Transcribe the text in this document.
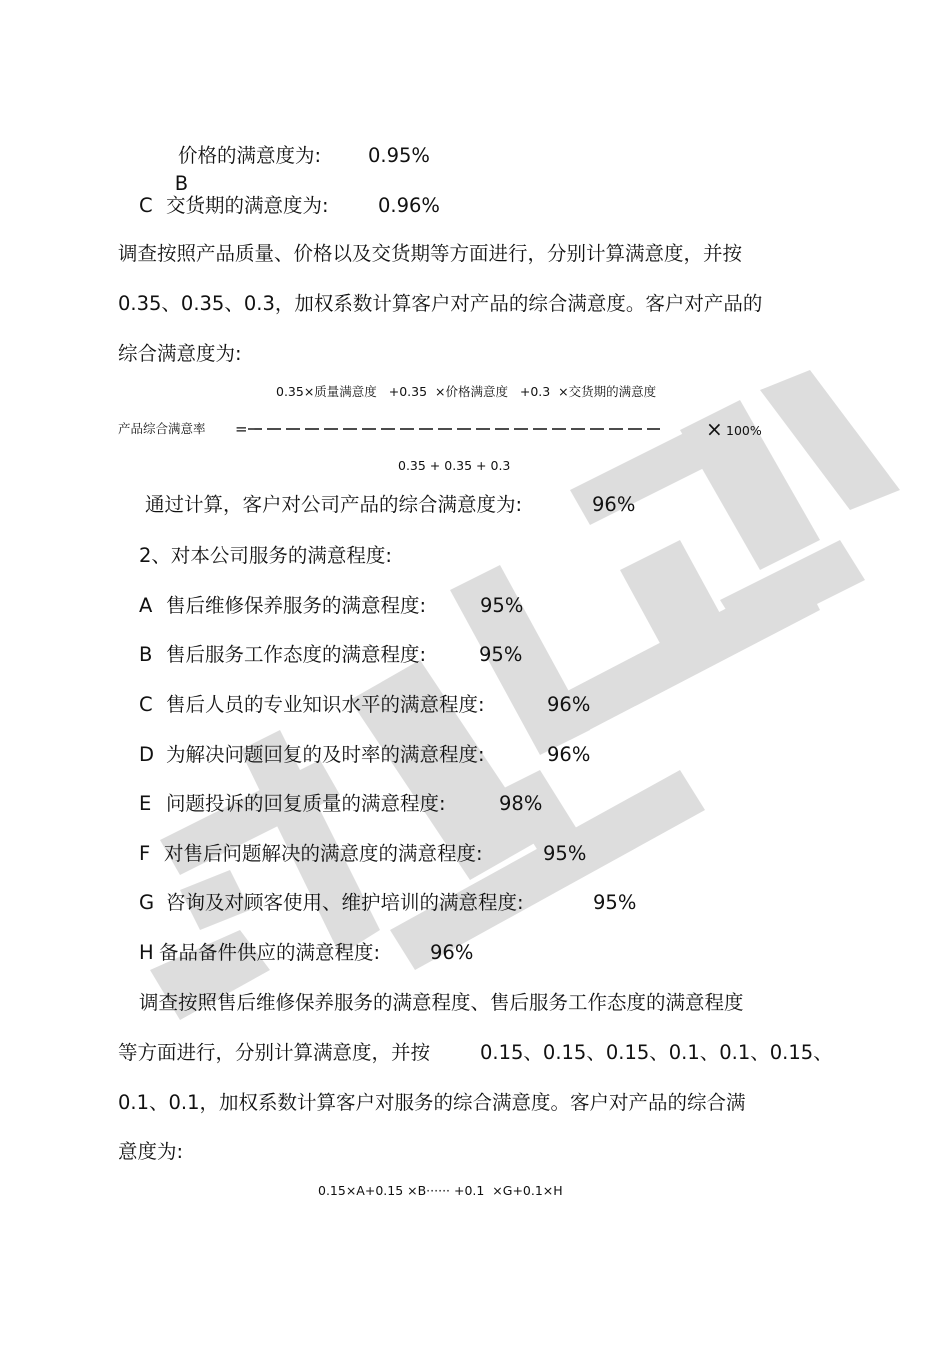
B

价格的满意度为: 0.95%
C 交货期的满意度为:	0.96%
调查按照产品质量、价格以及交货期等方面进行，分别计算满意度，并按
0.35、0.35、0.3，加权系数计算客户对产品的综合满意度。客户对产品的
综合满意度为:
0.35×质量满意度   +0.35  ×价格满意度   +0.3  ×交货期的满意度
产品综合满意率 =	× 100%
0.35 + 0.35 + 0.3
通过计算，客户对公司产品的综合满意度为:	96%
2、对本公司服务的满意程度:
A 售后维修保养服务的满意程度:	95%
B 售后服务工作态度的满意程度:	95%
C 售后人员的专业知识水平的满意程度:	96%
D 为解决问题回复的及时率的满意程度:	96%
E 问题投诉的回复质量的满意程度:	98%
F 对售后问题解决的满意度的满意程度:	95%
G 咨询及对顾客使用、维护培训的满意程度:	95%
H 备品备件供应的满意程度:	96%
调查按照售后维修保养服务的满意程度、售后服务工作态度的满意程度
等方面进行，分别计算满意度，并按	0.15、0.15、0.15、0.1、0.1、0.15、
0.1、0.1，加权系数计算客户对服务的综合满意度。客户对产品的综合满
意度为:
0.15×A+0.15 ×B······ +0.1  ×G+0.1×H
